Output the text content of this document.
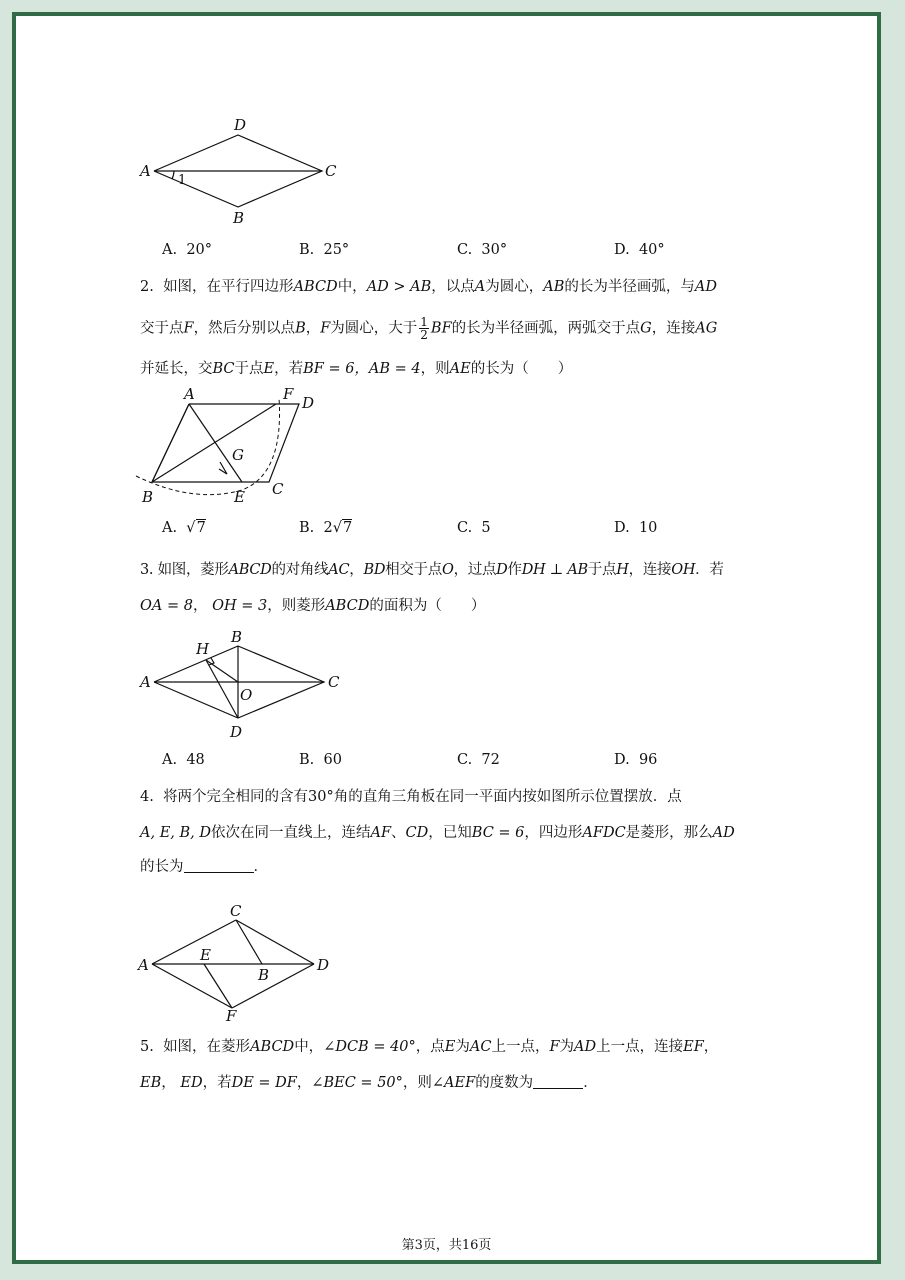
D
A	C
B
1
A. 20°	B. 25°	C. 30°	D. 40°
2. 如图，在平行四边形ABCD中，AD > AB，以点A为圆心，AB的长为半径画弧，与AD
交于点F，然后分别以点B，F为圆心，大于 $\frac{1}{2}$ BF的长为半径画弧，两弧交于点G，连接AG
并延长，交BC于点E，若BF = 6，AB = 4，则AE的长为（　　）
A	F D
G
B	E C
A.  √7	B. 2√7	C. 5	D. 10
3. 如图，菱形ABCD的对角线AC，BD相交于点O，过点D作DH ⊥ AB于点H，连接OH．若
OA = 8， OH = 3，则菱形ABCD的面积为（　　）
H
B
A	C
O
D
A. 48	B. 60	C. 72	D. 96
4. 将两个完全相同的含有30°角的直角三角板在同一平面内按如图所示位置摆放．点
A, E, B, D依次在同一直线上，连结AF、CD，已知BC = 6，四边形AFDC是菱形，那么AD
的长为	．
C
A
E
B
D
F
5. 如图，在菱形ABCD中，∠DCB = 40°，点E为AC上一点，F为AD上一点，连接EF，
EB， ED，若DE = DF，∠BEC = 50°，则∠AEF的度数为	．
第3页，共16页
